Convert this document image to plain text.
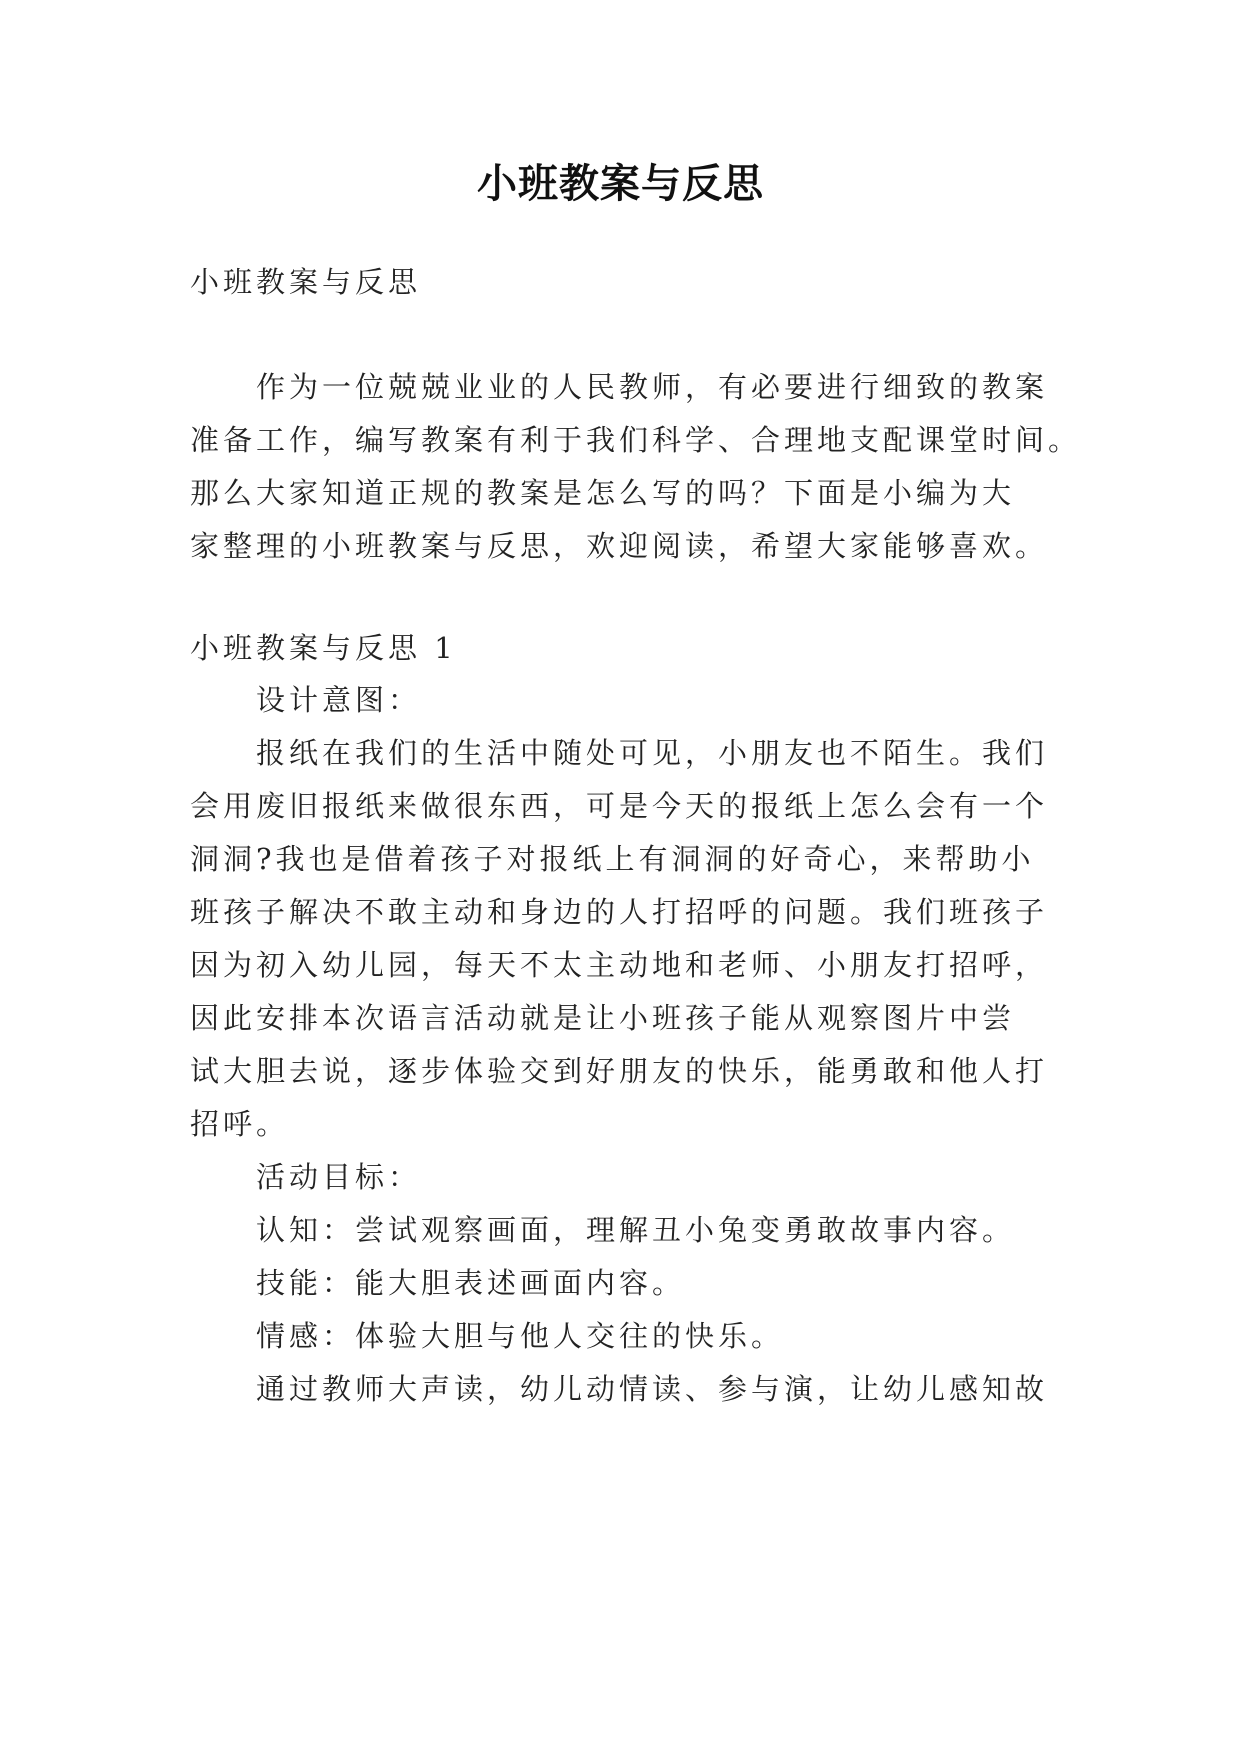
小班教案与反思
小班教案与反思
作为一位兢兢业业的人民教师，有必要进行细致的教案
准备工作，编写教案有利于我们科学、合理地支配课堂时间。
那么大家知道正规的教案是怎么写的吗？下面是小编为大
家整理的小班教案与反思，欢迎阅读，希望大家能够喜欢。
小班教案与反思 1
设计意图：
报纸在我们的生活中随处可见，小朋友也不陌生。我们
会用废旧报纸来做很东西，可是今天的报纸上怎么会有一个
洞洞?我也是借着孩子对报纸上有洞洞的好奇心，来帮助小
班孩子解决不敢主动和身边的人打招呼的问题。我们班孩子
因为初入幼儿园，每天不太主动地和老师、小朋友打招呼，
因此安排本次语言活动就是让小班孩子能从观察图片中尝
试大胆去说，逐步体验交到好朋友的快乐，能勇敢和他人打
招呼。
活动目标：
认知：尝试观察画面，理解丑小兔变勇敢故事内容。
技能：能大胆表述画面内容。
情感：体验大胆与他人交往的快乐。
通过教师大声读，幼儿动情读、参与演，让幼儿感知故
